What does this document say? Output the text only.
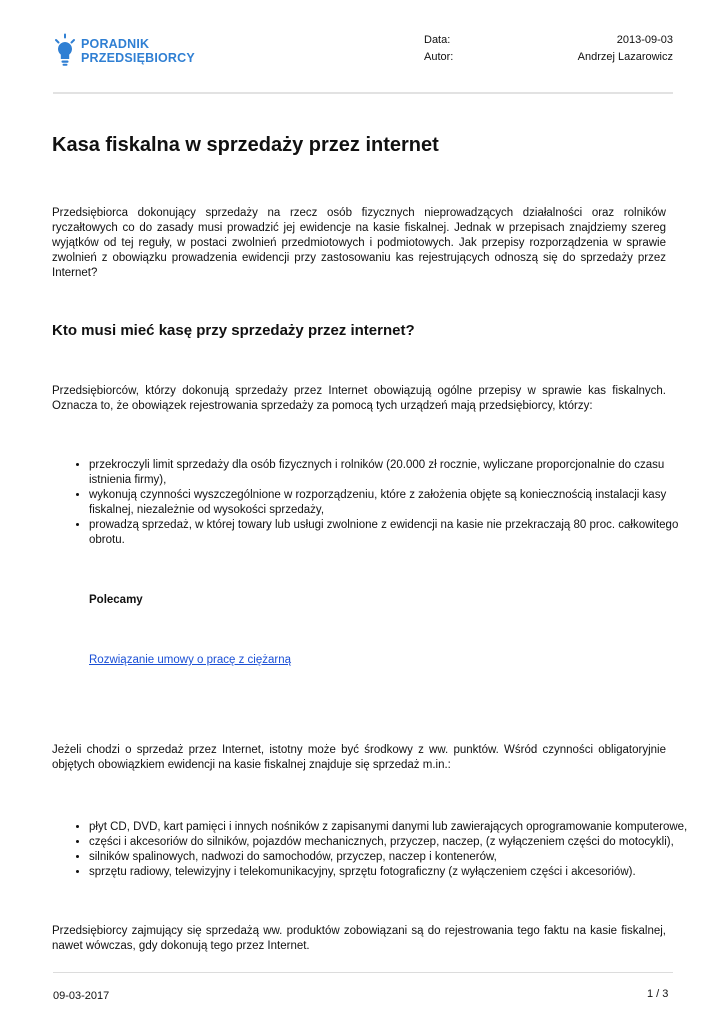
PORADNIK
PRZEDSIĘBIORCY
Data:	2013-09-03
Autor:	Andrzej Lazarowicz
Kasa fiskalna w sprzedaży przez internet

Przedsiębiorca dokonujący sprzedaży na rzecz osób fizycznych nieprowadzących działalności oraz rolników ryczałtowych co do zasady musi prowadzić jej ewidencje na kasie fiskalnej. Jednak w przepisach znajdziemy szereg wyjątków od tej reguły, w postaci zwolnień przedmiotowych i podmiotowych. Jak przepisy rozporządzenia w sprawie zwolnień z obowiązku prowadzenia ewidencji przy zastosowaniu kas rejestrujących odnoszą się do sprzedaży przez Internet?

Kto musi mieć kasę przy sprzedaży przez internet?

Przedsiębiorców, którzy dokonują sprzedaży przez Internet obowiązują ogólne przepisy w sprawie kas fiskalnych. Oznacza to, że obowiązek rejestrowania sprzedaży za pomocą tych urządzeń mają przedsiębiorcy, którzy:

• przekroczyli limit sprzedaży dla osób fizycznych i rolników (20.000 zł rocznie, wyliczane proporcjonalnie do czasu istnienia firmy),
• wykonują czynności wyszczególnione w rozporządzeniu, które z założenia objęte są koniecznością instalacji kasy fiskalnej, niezależnie od wysokości sprzedaży,
• prowadzą sprzedaż, w której towary lub usługi zwolnione z ewidencji na kasie nie przekraczają 80 proc. całkowitego obrotu.

Polecamy

Rozwiązanie umowy o pracę z ciężarną

Jeżeli chodzi o sprzedaż przez Internet, istotny może być środkowy z ww. punktów. Wśród czynności obligatoryjnie objętych obowiązkiem ewidencji na kasie fiskalnej znajduje się sprzedaż m.in.:

• płyt CD, DVD, kart pamięci i innych nośników z zapisanymi danymi lub zawierających oprogramowanie komputerowe,
• części i akcesoriów do silników, pojazdów mechanicznych, przyczep, naczep, (z wyłączeniem części do motocykli),
• silników spalinowych, nadwozi do samochodów, przyczep, naczep i kontenerów,
• sprzętu radiowy, telewizyjny i telekomunikacyjny, sprzętu fotograficzny (z wyłączeniem części i akcesoriów).

Przedsiębiorcy zajmujący się sprzedażą ww. produktów zobowiązani są do rejestrowania tego faktu na kasie fiskalnej, nawet wówczas, gdy dokonują tego przez Internet.

09-03-2017	1 / 3
